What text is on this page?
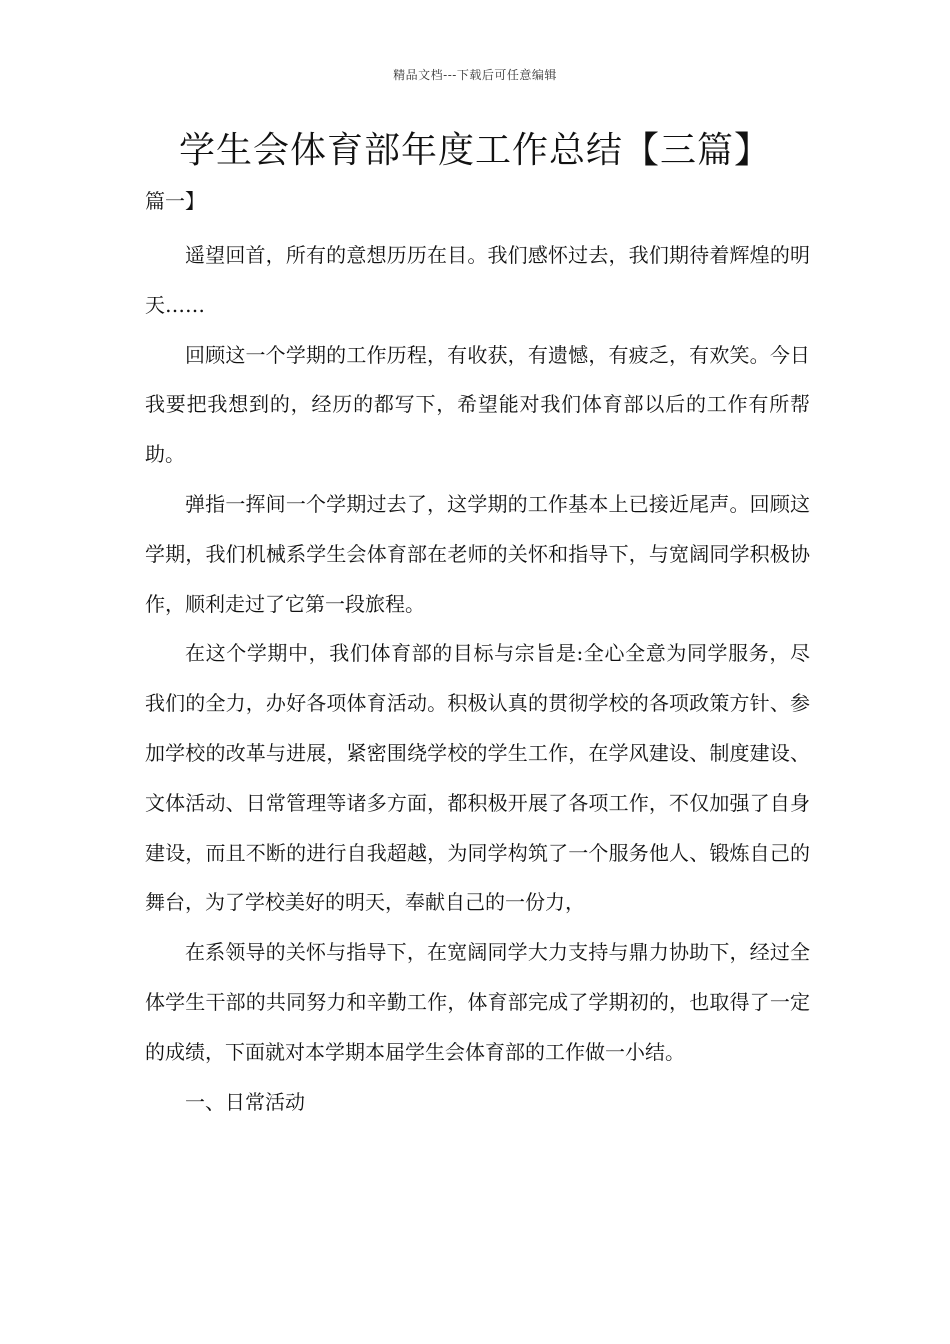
精品文档---下载后可任意编辑
学生会体育部年度工作总结【三篇】
篇一】

遥望回首，所有的意想历历在目。我们感怀过去，我们期待着辉煌的明天……

回顾这一个学期的工作历程，有收获，有遗憾，有疲乏，有欢笑。今日我要把我想到的，经历的都写下，希望能对我们体育部以后的工作有所帮助。

弹指一挥间一个学期过去了，这学期的工作基本上已接近尾声。回顾这学期，我们机械系学生会体育部在老师的关怀和指导下，与宽阔同学积极协作，顺利走过了它第一段旅程。

在这个学期中，我们体育部的目标与宗旨是:全心全意为同学服务，尽我们的全力，办好各项体育活动。积极认真的贯彻学校的各项政策方针、参加学校的改革与进展，紧密围绕学校的学生工作，在学风建设、制度建设、文体活动、日常管理等诸多方面，都积极开展了各项工作，不仅加强了自身建设，而且不断的进行自我超越，为同学构筑了一个服务他人、锻炼自己的舞台，为了学校美好的明天，奉献自己的一份力，

在系领导的关怀与指导下，在宽阔同学大力支持与鼎力协助下，经过全体学生干部的共同努力和辛勤工作，体育部完成了学期初的，也取得了一定的成绩，下面就对本学期本届学生会体育部的工作做一小结。

一、日常活动
